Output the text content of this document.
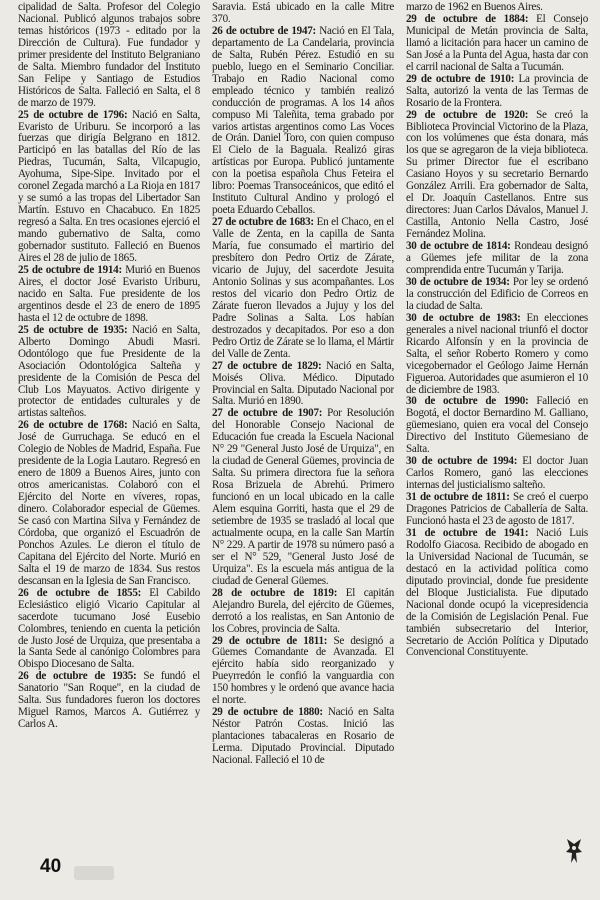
cipalidad de Salta. Profesor del Colegio Nacional. Publicó algunos trabajos sobre temas históricos (1973 - editado por la Dirección de Cultura). Fue fundador y primer presidente del Instituto Belgraniano de Salta. Miembro fundador del Instituto San Felipe y Santiago de Estudios Históricos de Salta. Falleció en Salta, el 8 de marzo de 1979.

25 de octubre de 1796: Nació en Salta, Evaristo de Uriburu. Se incorporó a las fuerzas que dirigía Belgrano en 1812. Participó en las batallas del Río de las Piedras, Tucumán, Salta, Vilcapugio, Ayohuma, Sipe-Sipe. Invitado por el coronel Zegada marchó a La Rioja en 1817 y se sumó a las tropas del Libertador San Martín. Estuvo en Chacabuco. En 1825 regresó a Salta. En tres ocasiones ejerció el mando gubernativo de Salta, como gobernador sustituto. Falleció en Buenos Aires el 28 de julio de 1865.

25 de octubre de 1914: Murió en Buenos Aires, el doctor José Evaristo Uriburu, nacido en Salta. Fue presidente de los argentinos desde el 23 de enero de 1895 hasta el 12 de octubre de 1898.

25 de octubre de 1935: Nació en Salta, Alberto Domingo Abudi Masri. Odontólogo que fue Presidente de la Asociación Odontológica Salteña y presidente de la Comisión de Pesca del Club Los Mayuatos. Activo dirigente y protector de entidades culturales y de artistas salteños.

26 de octubre de 1768: Nació en Salta, José de Gurruchaga. Se educó en el Colegio de Nobles de Madrid, España. Fue presidente de la Logia Lautaro. Regresó en enero de 1809 a Buenos Aires, junto con otros americanistas. Colaboró con el Ejército del Norte en víveres, ropas, dinero. Colaborador especial de Güemes. Se casó con Martina Silva y Fernández de Córdoba, que organizó el Escuadrón de Ponchos Azules. Le dieron el título de Capitana del Ejército del Norte. Murió en Salta el 19 de marzo de 1834. Sus restos descansan en la Iglesia de San Francisco.

26 de octubre de 1855: El Cabildo Eclesiástico eligió Vicario Capitular al sacerdote tucumano José Eusebio Colombres, teniendo en cuenta la petición de Justo José de Urquiza, que presentaba a la Santa Sede al canónigo Colombres para Obispo Diocesano de Salta.

26 de octubre de 1935: Se fundó el Sanatorio "San Roque", en la ciudad de Salta. Sus fundadores fueron los doctores Miguel Ramos, Marcos A. Gutiérrez y Carlos A.

Saravia. Está ubicado en la calle Mitre 370.

26 de octubre de 1947: Nació en El Tala, departamento de La Candelaria, provincia de Salta, Rubén Pérez. Estudió en su pueblo, luego en el Seminario Conciliar. Trabajo en Radio Nacional como empleado técnico y también realizó conducción de programas. A los 14 años compuso Mi Taleñita, tema grabado por varios artistas argentinos como Las Voces de Orán. Daniel Toro, con quien compuso El Cielo de la Baguala. Realizó giras artísticas por Europa. Publicó juntamente con la poetisa española Chus Feteira el libro: Poemas Transoceánicos, que editó el Instituto Cultural Andino y prologó el poeta Eduardo Ceballos.

27 de octubre de 1683: En el Chaco, en el Valle de Zenta, en la capilla de Santa María, fue consumado el martirio del presbítero don Pedro Ortiz de Zárate, vicario de Jujuy, del sacerdote Jesuita Antonio Solinas y sus acompañantes. Los restos del vicario don Pedro Ortiz de Zárate fueron llevados a Jujuy y los del Padre Solinas a Salta. Los habían destrozados y decapitados. Por eso a don Pedro Ortiz de Zárate se lo llama, el Mártir del Valle de Zenta.

27 de octubre de 1829: Nació en Salta, Moisés Oliva. Médico. Diputado Provincial en Salta. Diputado Nacional por Salta. Murió en 1890.

27 de octubre de 1907: Por Resolución del Honorable Consejo Nacional de Educación fue creada la Escuela Nacional N° 29 "General Justo José de Urquiza", en la ciudad de General Güemes, provincia de Salta. Su primera directora fue la señora Rosa Brizuela de Abrehú. Primero funcionó en un local ubicado en la calle Alem esquina Gorriti, hasta que el 29 de setiembre de 1935 se trasladó al local que actualmente ocupa, en la calle San Martín N° 229. A partir de 1978 su número pasó a ser el N° 529, "General Justo José de Urquiza". Es la escuela más antigua de la ciudad de General Güemes.

28 de octubre de 1819: El capitán Alejandro Burela, del ejército de Güemes, derrotó a los realistas, en San Antonio de los Cobres, provincia de Salta.

29 de octubre de 1811: Se designó a Güemes Comandante de Avanzada. El ejército había sido reorganizado y Pueyrredón le confió la vanguardia con 150 hombres y le ordenó que avance hacia el norte.

29 de octubre de 1880: Nació en Salta Néstor Patrón Costas. Inició las plantaciones tabacaleras en Rosario de Lerma. Diputado Provincial. Diputado Nacional. Falleció el 10 de

marzo de 1962 en Buenos Aires.

29 de octubre de 1884: El Consejo Municipal de Metán provincia de Salta, llamó a licitación para hacer un camino de San José a la Punta del Agua, hasta dar con el carril nacional de Salta a Tucumán.

29 de octubre de 1910: La provincia de Salta, autorizó la venta de las Termas de Rosario de la Frontera.

29 de octubre de 1920: Se creó la Biblioteca Provincial Victorino de la Plaza, con los volúmenes que ésta donara, más los que se agregaron de la vieja biblioteca. Su primer Director fue el escribano Casiano Hoyos y su secretario Bernardo González Arrili. Era gobernador de Salta, el Dr. Joaquín Castellanos. Entre sus directores: Juan Carlos Dávalos, Manuel J. Castilla, Antonio Nella Castro, José Fernández Molina.

30 de octubre de 1814: Rondeau designó a Güemes jefe militar de la zona comprendida entre Tucumán y Tarija.

30 de octubre de 1934: Por ley se ordenó la construcción del Edificio de Correos en la ciudad de Salta.

30 de octubre de 1983: En elecciones generales a nivel nacional triunfó el doctor Ricardo Alfonsín y en la provincia de Salta, el señor Roberto Romero y como vicegobernador el Geólogo Jaime Hernán Figueroa. Autoridades que asumieron el 10 de diciembre de 1983.

30 de octubre de 1990: Falleció en Bogotá, el doctor Bernardino M. Galliano, güemesiano, quien era vocal del Consejo Directivo del Instituto Güemesiano de Salta.

30 de octubre de 1994: El doctor Juan Carlos Romero, ganó las elecciones internas del justicialismo salteño.

31 de octubre de 1811: Se creó el cuerpo Dragones Patricios de Caballería de Salta. Funcionó hasta el 23 de agosto de 1817.

31 de octubre de 1941: Nació Luis Rodolfo Giacosa. Recibido de abogado en la Universidad Nacional de Tucumán, se destacó en la actividad política como diputado provincial, donde fue presidente del Bloque Justicialista. Fue diputado Nacional donde ocupó la vicepresidencia de la Comisión de Legislación Penal. Fue también subsecretario del Interior, Secretario de Acción Política y Diputado Convencional Constituyente.

40
